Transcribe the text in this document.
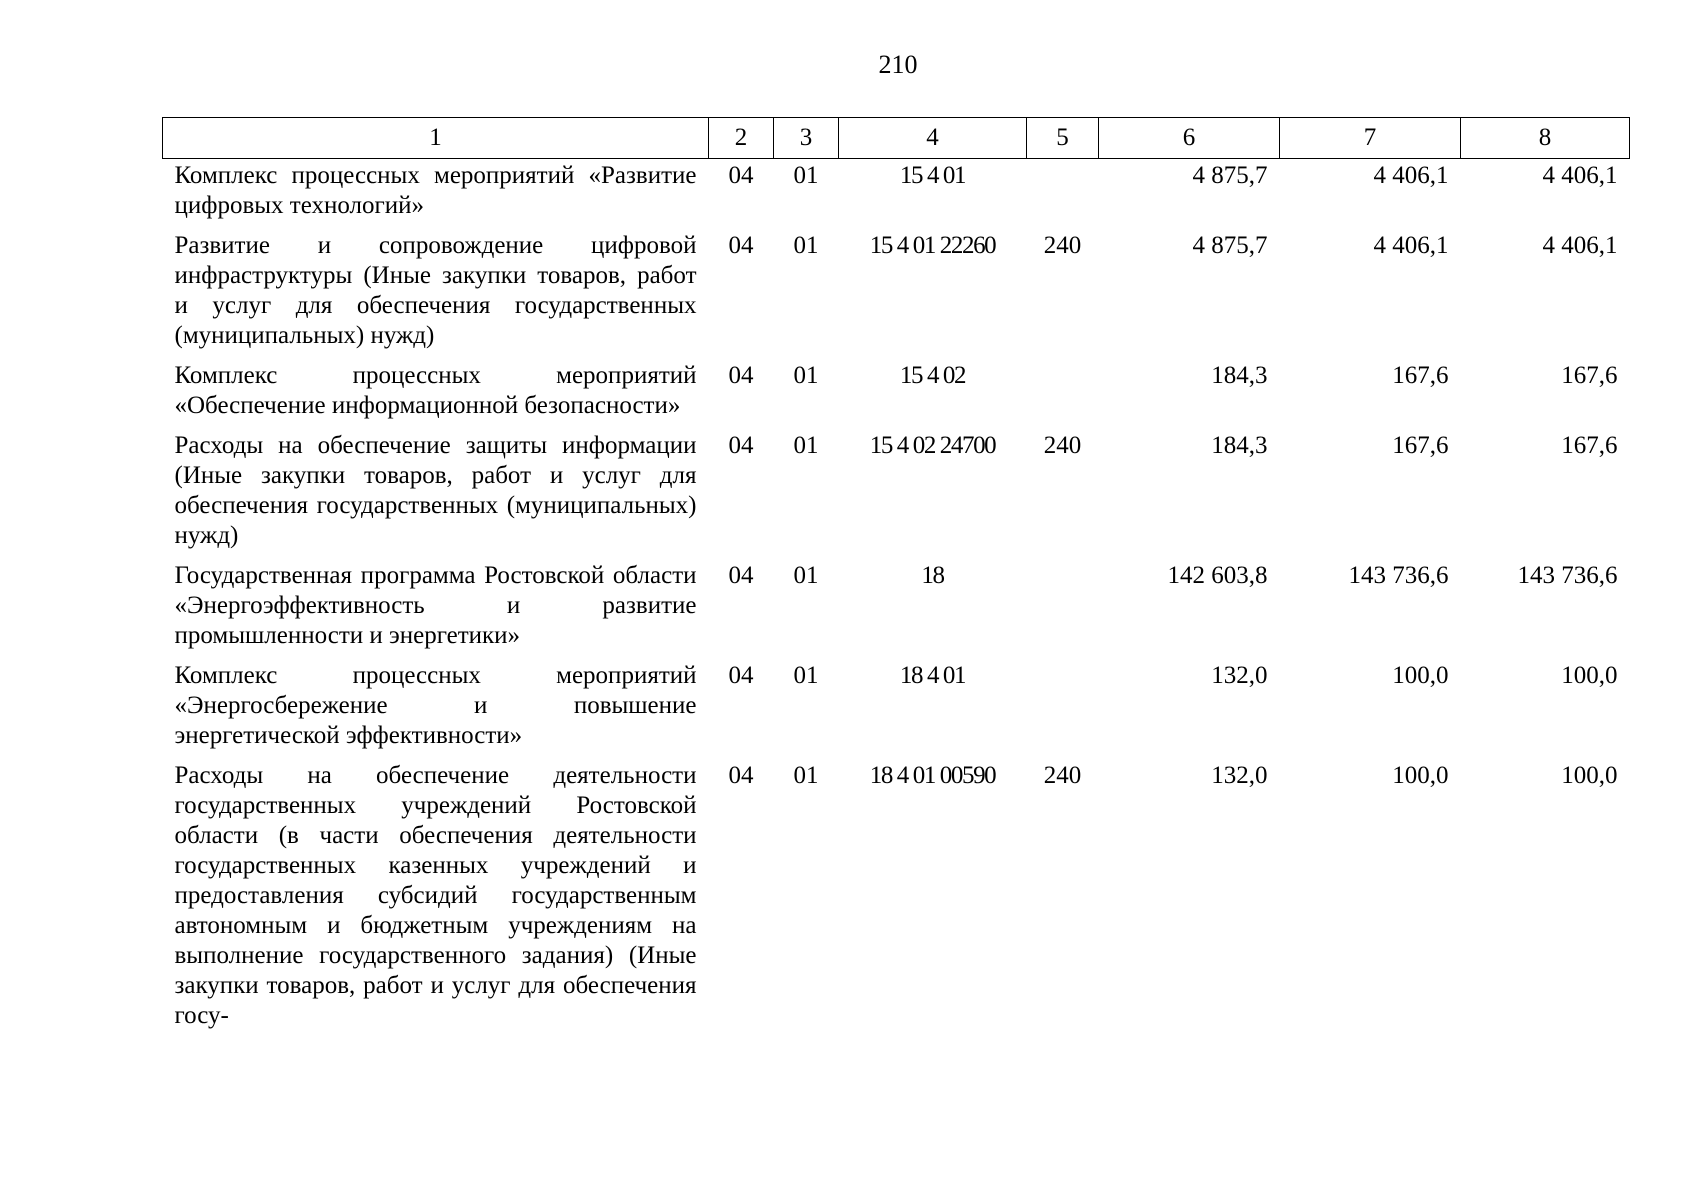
210
1	2	3	4	5	6	7	8
Комплекс процессных мероприятий «Развитие цифровых технологий»	04	01	15 4 01		4 875,7	4 406,1	4 406,1
Развитие и сопровождение цифровой инфраструктуры (Иные закупки товаров, работ и услуг для обеспечения государственных (муниципальных) нужд)	04	01	15 4 01 22260	240	4 875,7	4 406,1	4 406,1
Комплекс процессных мероприятий «Обеспечение информационной безопасности»	04	01	15 4 02		184,3	167,6	167,6
Расходы на обеспечение защиты информации (Иные закупки товаров, работ и услуг для обеспечения государственных (муниципальных) нужд)	04	01	15 4 02 24700	240	184,3	167,6	167,6
Государственная программа Ростовской области «Энергоэффективность и развитие промышленности и энергетики»	04	01	18		142 603,8	143 736,6	143 736,6
Комплекс процессных мероприятий «Энергосбережение и повышение энергетической эффективности»	04	01	18 4 01		132,0	100,0	100,0
Расходы на обеспечение деятельности государственных учреждений Ростовской области (в части обеспечения деятельности государственных казенных учреждений и предоставления субсидий государственным автономным и бюджетным учреждениям на выполнение государственного задания) (Иные закупки товаров, работ и услуг для обеспечения госу-	04	01	18 4 01 00590	240	132,0	100,0	100,0
